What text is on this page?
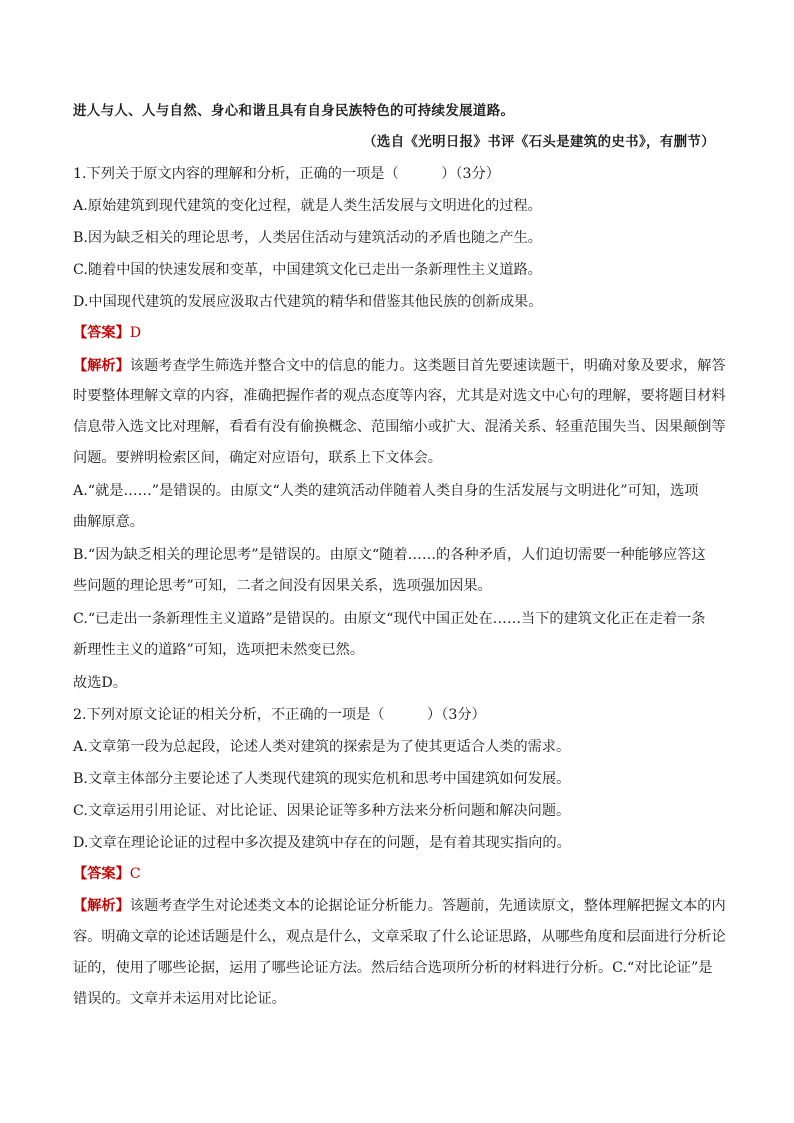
进人与人、人与自然、身心和谐且具有自身民族特色的可持续发展道路。
（选自《光明日报》书评《石头是建筑的史书》，有删节）
1.下列关于原文内容的理解和分析，正确的一项是（　　　）（3分）
A.原始建筑到现代建筑的变化过程，就是人类生活发展与文明进化的过程。
B.因为缺乏相关的理论思考，人类居住活动与建筑活动的矛盾也随之产生。
C.随着中国的快速发展和变革，中国建筑文化已走出一条新理性主义道路。
D.中国现代建筑的发展应汲取古代建筑的精华和借鉴其他民族的创新成果。
【答案】D
【解析】该题考查学生筛选并整合文中的信息的能力。这类题目首先要速读题干，明确对象及要求，解答
时要整体理解文章的内容，准确把握作者的观点态度等内容，尤其是对选文中心句的理解，要将题目材料
信息带入选文比对理解，看看有没有偷换概念、范围缩小或扩大、混淆关系、轻重范围失当、因果颠倒等
问题。要辨明检索区间，确定对应语句，联系上下文体会。
A.“就是……”是错误的。由原文“人类的建筑活动伴随着人类自身的生活发展与文明进化”可知，选项
曲解原意。
B.“因为缺乏相关的理论思考”是错误的。由原文“随着……的各种矛盾，人们迫切需要一种能够应答这
些问题的理论思考”可知，二者之间没有因果关系，选项强加因果。
C.“已走出一条新理性主义道路”是错误的。由原文“现代中国正处在……当下的建筑文化正在走着一条
新理性主义的道路”可知，选项把未然变已然。
故选D。
2.下列对原文论证的相关分析，不正确的一项是（　　　）（3分）
A.文章第一段为总起段，论述人类对建筑的探索是为了使其更适合人类的需求。
B.文章主体部分主要论述了人类现代建筑的现实危机和思考中国建筑如何发展。
C.文章运用引用论证、对比论证、因果论证等多种方法来分析问题和解决问题。
D.文章在理论论证的过程中多次提及建筑中存在的问题，是有着其现实指向的。
【答案】C
【解析】该题考查学生对论述类文本的论据论证分析能力。答题前，先通读原文，整体理解把握文本的内
容。明确文章的论述话题是什么，观点是什么，文章采取了什么论证思路，从哪些角度和层面进行分析论
证的，使用了哪些论据，运用了哪些论证方法。然后结合选项所分析的材料进行分析。C.“对比论证”是
错误的。文章并未运用对比论证。
